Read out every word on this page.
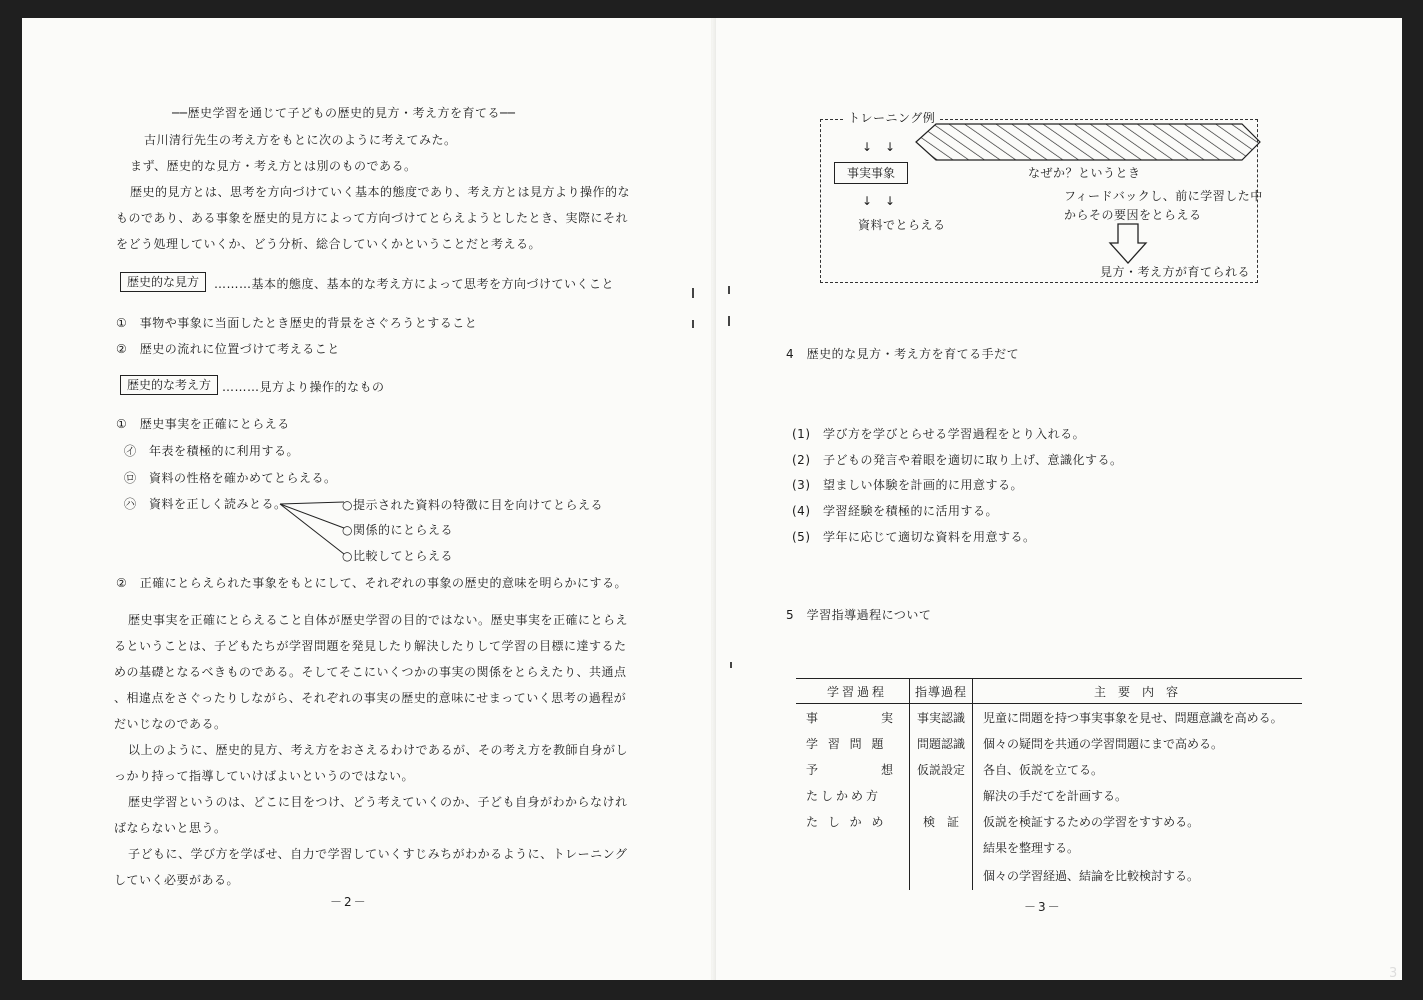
──歴史学習を通じて子どもの歴史的見方・考え方を育てる──
古川清行先生の考え方をもとに次のように考えてみた。
まず、歴史的な見方・考え方とは別のものである。
歴史的見方とは、思考を方向づけていく基本的態度であり、考え方とは見方より操作的な
ものであり、ある事象を歴史的見方によって方向づけてとらえようとしたとき、実際にそれ
をどう処理していくか、どう分析、総合していくかということだと考える。
歴史的な見方	………基本的態度、基本的な考え方によって思考を方向づけていくこと
①　事物や事象に当面したとき歴史的背景をさぐろうとすること
②　歴史の流れに位置づけて考えること
歴史的な考え方 ………見方より操作的なもの
①　歴史事実を正確にとらえる
㋑　年表を積極的に利用する。
㋺　資料の性格を確かめてとらえる。
㋩　資料を正しく読みとる。	○提示された資料の特徴に目を向けてとらえる
○関係的にとらえる
○比較してとらえる
②　正確にとらえられた事象をもとにして、それぞれの事象の歴史的意味を明らかにする。
歴史事実を正確にとらえること自体が歴史学習の目的ではない。歴史事実を正確にとらえ
るということは、子どもたちが学習問題を発見したり解決したりして学習の目標に達するた
めの基礎となるべきものである。そしてそこにいくつかの事実の関係をとらえたり、共通点
、相違点をさぐったりしながら、それぞれの事実の歴史的意味にせまっていく思考の過程が
だいじなのである。
以上のように、歴史的見方、考え方をおさえるわけであるが、その考え方を教師自身がし
っかり持って指導していけばよいというのではない。
歴史学習というのは、どこに目をつけ、どう考えていくのか、子ども自身がわからなけれ
ばならないと思う。
子どもに、学び方を学ばせ、自力で学習していくすじみちがわかるように、トレーニング
していく必要がある。
－2－
トレーニング例
↓　↓
事実事象
↓　↓
資料でとらえる
なぜか？というとき
フィードバックし、前に学習した中
からその要因をとらえる
見方・考え方が育てられる
4　歴史的な見方・考え方を育てる手だて
(1)　学び方を学びとらせる学習過程をとり入れる。
(2)　子どもの発言や着眼を適切に取り上げ、意識化する。
(3)　望ましい体験を計画的に用意する。
(4)　学習経験を積極的に活用する。
(5)　学年に応じて適切な資料を用意する。
5　学習指導過程について
学習過程	指導過程	主要内容
事　　　　実	事実認識	児童に問題を持つ事実事象を見せ、問題意識を高める。
学 習 問 題	問題認識	個々の疑問を共通の学習問題にまで高める。
予　　　　想	仮説設定	各自、仮説を立てる。
たしかめ方		解決の手だてを計画する。
た し か め	検　証	仮説を検証するための学習をすすめる。
		結果を整理する。
		個々の学習経過、結論を比較検討する。
－3－
3
